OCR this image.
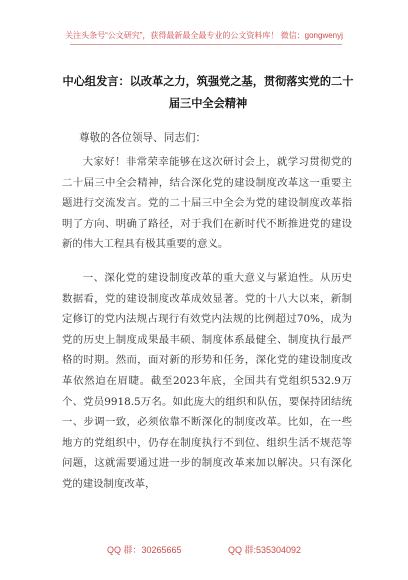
关注头条号“公文研究”，获得最新最全最专业的公文资料库！ 微信：gongwenyj
中心组发言：以改革之力，筑强党之基，贯彻落实党的二十届三中全会精神
尊敬的各位领导、同志们：

大家好！非常荣幸能够在这次研讨会上，就学习贯彻党的二十届三中全会精神，结合深化党的建设制度改革这一重要主题进行交流发言。党的二十届三中全会为党的建设制度改革指明了方向、明确了路径，对于我们在新时代不断推进党的建设新的伟大工程具有极其重要的意义。

一、深化党的建设制度改革的重大意义与紧迫性。从历史数据看，党的建设制度改革成效显著。党的十八大以来，新制定修订的党内法规占现行有效党内法规的比例超过70%，成为党的历史上制度成果最丰硕、制度体系最健全、制度执行最严格的时期。然而，面对新的形势和任务，深化党的建设制度改革依然迫在眉睫。截至2023年底，全国共有党组织532.9万个、党员9918.5万名。如此庞大的组织和队伍，要保持团结统一、步调一致，必须依靠不断深化的制度改革。比如，在一些地方的党组织中，仍存在制度执行不到位、组织生活不规范等问题，这就需要通过进一步的制度改革来加以解决。只有深化党的建设制度改革，

QQ 群：30265665	QQ 群:535304092
